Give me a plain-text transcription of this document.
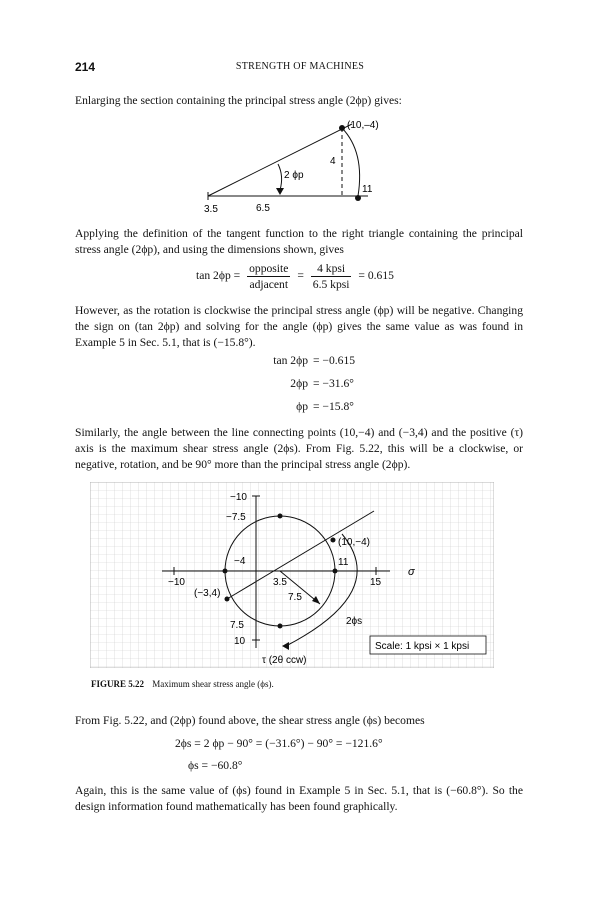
214	STRENGTH OF MACHINES
Enlarging the section containing the principal stress angle (2ϕp) gives:
(10,–4)
4
2 ϕp
3.5	6.5
11
Applying the definition of the tangent function to the right triangle containing the principal stress angle (2ϕp), and using the dimensions shown, gives
$\tan 2\phi p = \frac{\text{opposite}}{\text{adjacent}} = \frac{\text{4 kpsi}}{\text{6.5 kpsi}} = 0.615$
However, as the rotation is clockwise the principal stress angle (ϕp) will be negative. Changing the sign on (tan 2ϕp) and solving for the angle (ϕp) gives the same value as was found in Example 5 in Sec. 5.1, that is (−15.8°).
tan 2ϕp = −0.615
2ϕp = −31.6°
ϕp = −15.8°
Similarly, the angle between the line connecting points (10,−4) and (−3,4) and the positive (τ) axis is the maximum shear stress angle (2ϕs). From Fig. 5.22, this will be a clockwise, or negative, rotation, and be 90° more than the principal stress angle (2ϕp).
−10
−7.5
−4
−10
(−3,4)
3.5
7.5
(10,−4)
11
15
σ
7.5
10
2ϕs
τ (2θ ccw)
Scale: 1 kpsi × 1 kpsi
FIGURE 5.22 Maximum shear stress angle (ϕs).
From Fig. 5.22, and (2ϕp) found above, the shear stress angle (ϕs) becomes
2ϕs = 2 ϕp − 90° = (−31.6°) − 90° = −121.6°
ϕs = −60.8°
Again, this is the same value of (ϕs) found in Example 5 in Sec. 5.1, that is (−60.8°). So the design information found mathematically has been found graphically.
